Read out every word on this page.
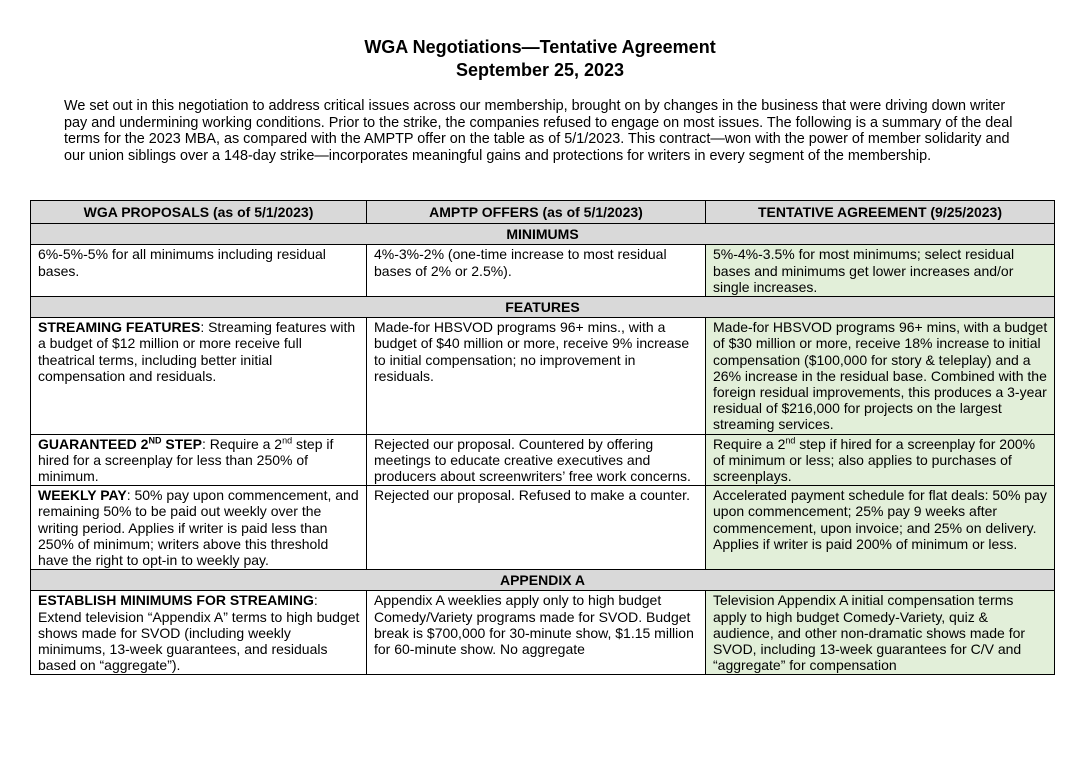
WGA Negotiations—Tentative Agreement
September 25, 2023
We set out in this negotiation to address critical issues across our membership, brought on by changes in the business that were driving down writer pay and undermining working conditions. Prior to the strike, the companies refused to engage on most issues. The following is a summary of the deal terms for the 2023 MBA, as compared with the AMPTP offer on the table as of 5/1/2023. This contract—won with the power of member solidarity and our union siblings over a 148-day strike—incorporates meaningful gains and protections for writers in every segment of the membership.
WGA PROPOSALS (as of 5/1/2023)	AMPTP OFFERS (as of 5/1/2023)	TENTATIVE AGREEMENT (9/25/2023)
MINIMUMS		
6%-5%-5% for all minimums including residual bases.	4%-3%-2% (one-time increase to most residual bases of 2% or 2.5%).	5%-4%-3.5% for most minimums; select residual bases and minimums get lower increases and/or single increases.
FEATURES		
STREAMING FEATURES: Streaming features with a budget of $12 million or more receive full theatrical terms, including better initial compensation and residuals.	Made-for HBSVOD programs 96+ mins., with a budget of $40 million or more, receive 9% increase to initial compensation; no improvement in residuals.	Made-for HBSVOD programs 96+ mins, with a budget of $30 million or more, receive 18% increase to initial compensation ($100,000 for story & teleplay) and a 26% increase in the residual base. Combined with the foreign residual improvements, this produces a 3-year residual of $216,000 for projects on the largest streaming services.
GUARANTEED 2ND STEP: Require a 2nd step if hired for a screenplay for less than 250% of minimum.	Rejected our proposal. Countered by offering meetings to educate creative executives and producers about screenwriters’ free work concerns.	Require a 2nd step if hired for a screenplay for 200% of minimum or less; also applies to purchases of screenplays.
WEEKLY PAY: 50% pay upon commencement, and remaining 50% to be paid out weekly over the writing period. Applies if writer is paid less than 250% of minimum; writers above this threshold have the right to opt-in to weekly pay.	Rejected our proposal. Refused to make a counter.	Accelerated payment schedule for flat deals: 50% pay upon commencement; 25% pay 9 weeks after commencement, upon invoice; and 25% on delivery. Applies if writer is paid 200% of minimum or less.
APPENDIX A		

ESTABLISH MINIMUMS FOR STREAMING: Extend television “Appendix A” terms to high budget shows made for SVOD (including weekly minimums, 13-week guarantees, and residuals based on “aggregate”).	Appendix A weeklies apply only to high budget Comedy/Variety programs made for SVOD. Budget break is $700,000 for 30-minute show, $1.15 million for 60-minute show. No aggregate	Television Appendix A initial compensation terms apply to high budget Comedy-Variety, quiz & audience, and other non-dramatic shows made for SVOD, including 13-week guarantees for C/V and “aggregate” for compensation
